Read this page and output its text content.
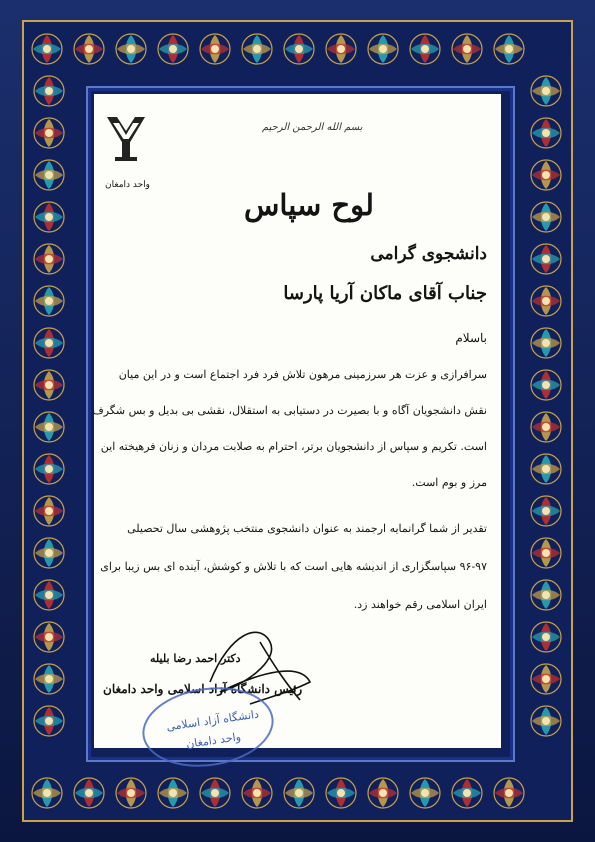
واحد دامغان
بسم الله الرحمن الرحیم
لوح سپاس
دانشجوی گرامی
جناب آقای ماکان آریا پارسا
باسلام
سرافرازی و عزت هر سرزمینی مرهون تلاش فرد فرد اجتماع است و در این میان
نقش دانشجویان آگاه و با بصیرت در دستیابی به استقلال، نقشی بی بدیل و بس شگرف
است. تکریم و سپاس از دانشجویان برتر، احترام به صلابت مردان و زنان فرهیخته این
مرز و بوم است.
تقدیر از شما گرانمایه ارجمند به عنوان دانشجوی منتخب پژوهشی سال تحصیلی
۹۶-۹۷ سپاسگزاری از اندیشه هایی است که با تلاش و کوشش، آینده ای بس زیبا برای
ایران اسلامی رقم خواهند زد.
دکتر احمد رضا بلیله
رئیس دانشگاه آزاد اسلامی واحد دامغان
دانشگاه آزاد اسلامی
واحد دامغان
